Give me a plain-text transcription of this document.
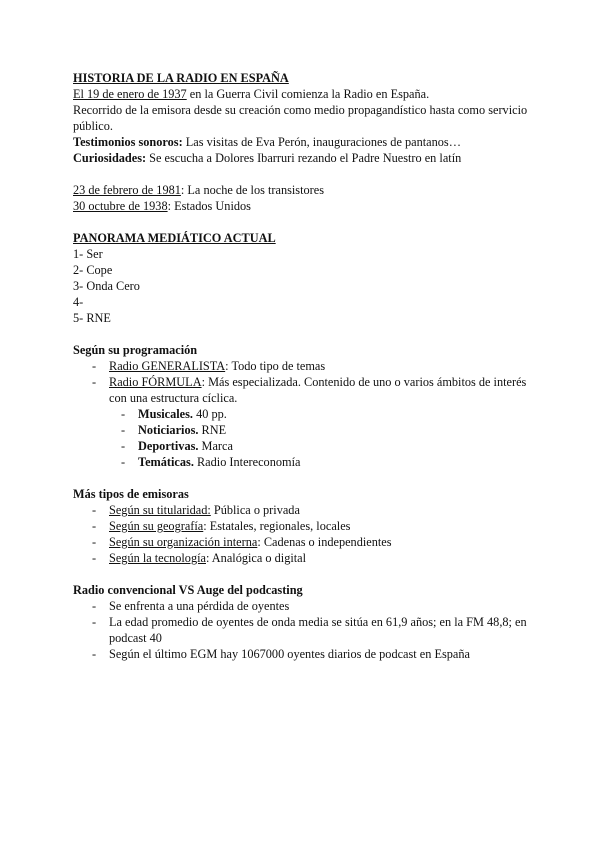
HISTORIA DE LA RADIO EN ESPAÑA

El 19 de enero de 1937 en la Guerra Civil comienza la Radio en España.

Recorrido de la emisora desde su creación como medio propagandístico hasta como servicio público.

Testimonios sonoros: Las visitas de Eva Perón, inauguraciones de pantanos…

Curiosidades: Se escucha a Dolores Ibarruri rezando el Padre Nuestro en latín

23 de febrero de 1981: La noche de los transistores

30 octubre de 1938: Estados Unidos

PANORAMA MEDIÁTICO ACTUAL

1- Ser

2- Cope

3- Onda Cero

4-

5- RNE

Según su programación

- Radio GENERALISTA: Todo tipo de temas
- Radio FÓRMULA: Más especializada. Contenido de uno o varios ámbitos de interés con una estructura cíclica.
- Musicales. 40 pp.
- Noticiarios. RNE
- Deportivas. Marca
- Temáticas. Radio Intereconomía

Más tipos de emisoras

- Según su titularidad: Pública o privada
- Según su geografía: Estatales, regionales, locales
- Según su organización interna: Cadenas o independientes
- Según la tecnología: Analógica o digital

Radio convencional VS Auge del podcasting

- Se enfrenta a una pérdida de oyentes
- La edad promedio de oyentes de onda media se sitúa en 61,9 años; en la FM 48,8; en podcast 40
- Según el último EGM hay 1067000 oyentes diarios de podcast en España
